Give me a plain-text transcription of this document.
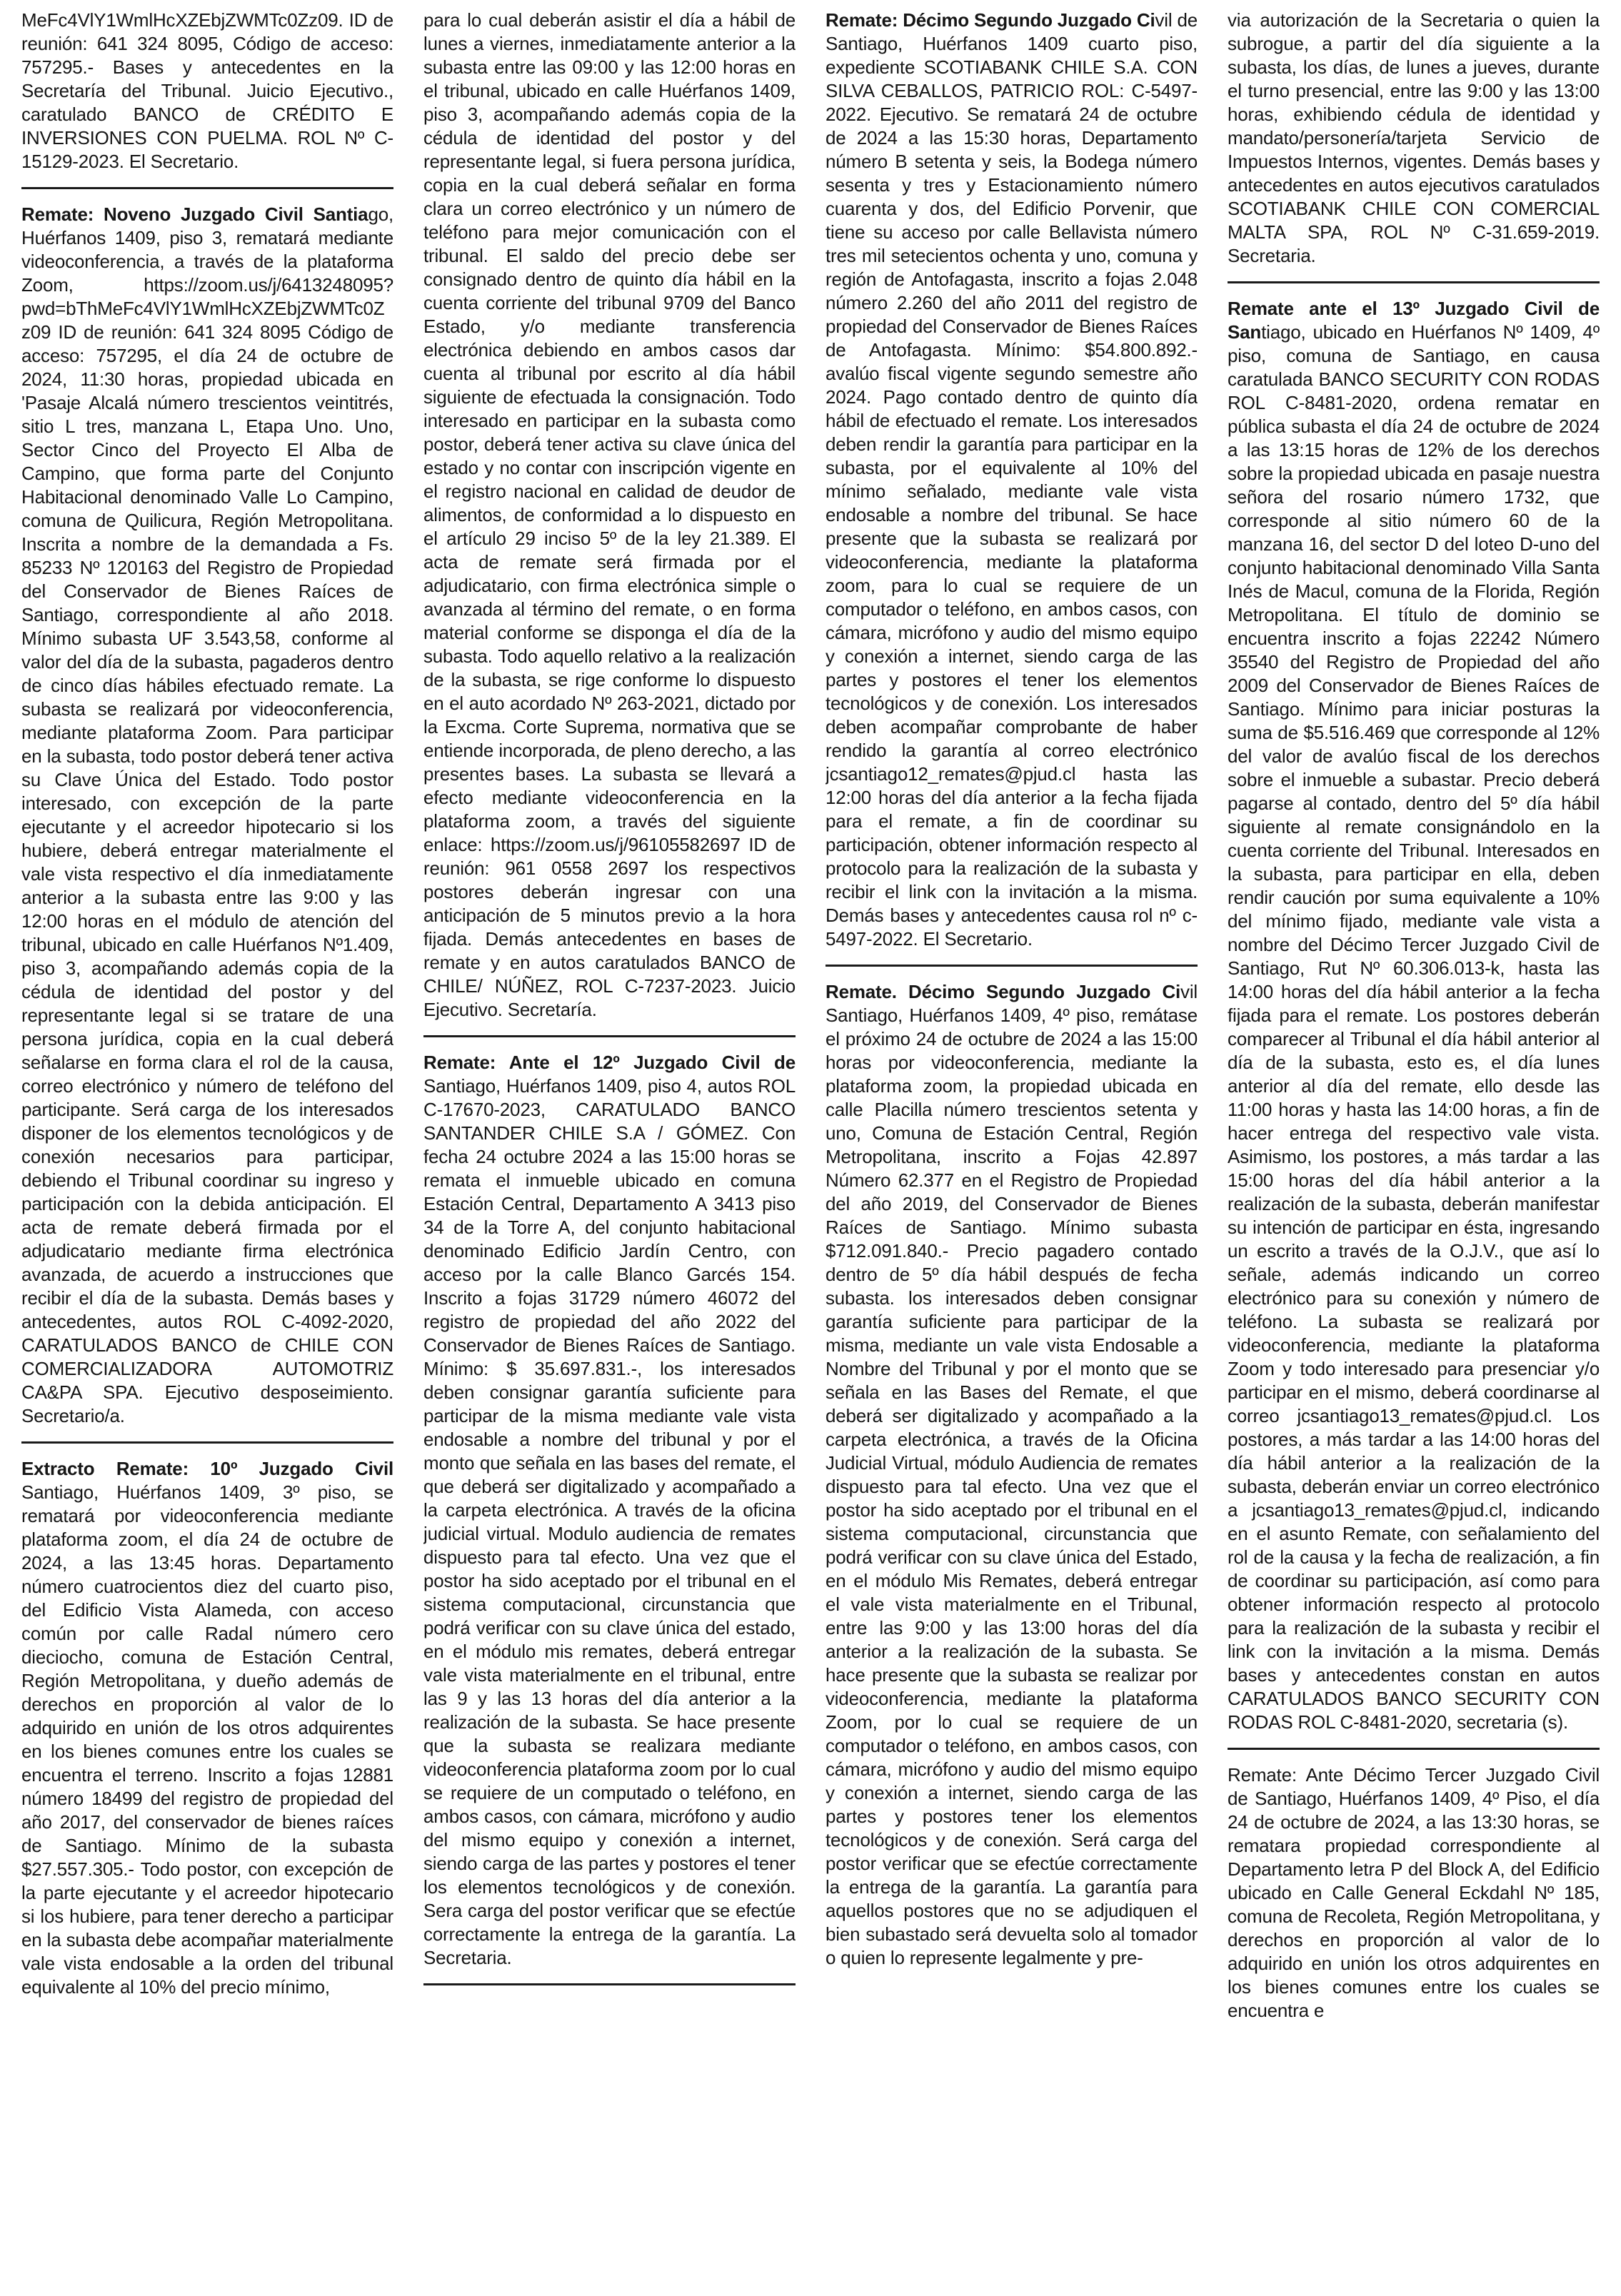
MeFc4VlY1WmlHcXZEbjZWMTc0Zz09. ID de reunión: 641 324 8095, Código de acceso: 757295.- Bases y antecedentes en la Secretaría del Tribunal. Juicio Ejecutivo., caratulado BANCO de CRÉDITO E INVERSIONES CON PUELMA. ROL Nº C-15129-2023. El Secretario.

Remate: Noveno Juzgado Civil Santiago, Huérfanos 1409, piso 3, rematará mediante videoconferencia, a través de la plataforma Zoom, https://zoom.us/j/6413248095?pwd=bThMeFc4VlY1WmlHcXZEbjZWMTc0Zz09 ID de reunión: 641 324 8095 Código de acceso: 757295, el día 24 de octubre de 2024, 11:30 horas, propiedad ubicada en 'Pasaje Alcalá número trescientos veintitrés, sitio L tres, manzana L, Etapa Uno. Uno, Sector Cinco del Proyecto El Alba de Campino, que forma parte del Conjunto Habitacional denominado Valle Lo Campino, comuna de Quilicura, Región Metropolitana. Inscrita a nombre de la demandada a Fs. 85233 Nº 120163 del Registro de Propiedad del Conservador de Bienes Raíces de Santiago, correspondiente al año 2018. Mínimo subasta UF 3.543,58, conforme al valor del día de la subasta, pagaderos dentro de cinco días hábiles efectuado remate. La subasta se realizará por videoconferencia, mediante plataforma Zoom. Para participar en la subasta, todo postor deberá tener activa su Clave Única del Estado. Todo postor interesado, con excepción de la parte ejecutante y el acreedor hipotecario si los hubiere, deberá entregar materialmente el vale vista respectivo el día inmediatamente anterior a la subasta entre las 9:00 y las 12:00 horas en el módulo de atención del tribunal, ubicado en calle Huérfanos Nº1.409, piso 3, acompañando además copia de la cédula de identidad del postor y del representante legal si se tratare de una persona jurídica, copia en la cual deberá señalarse en forma clara el rol de la causa, correo electrónico y número de teléfono del participante. Será carga de los interesados disponer de los elementos tecnológicos y de conexión necesarios para participar, debiendo el Tribunal coordinar su ingreso y participación con la debida anticipación. El acta de remate deberá firmada por el adjudicatario mediante firma electrónica avanzada, de acuerdo a instrucciones que recibir el día de la subasta. Demás bases y antecedentes, autos ROL C-4092-2020, CARATULADOS BANCO de CHILE CON COMERCIALIZADORA AUTOMOTRIZ CA&PA SPA. Ejecutivo desposeimiento. Secretario/a.

Extracto Remate: 10º Juzgado Civil Santiago, Huérfanos 1409, 3º piso, se rematará por videoconferencia mediante plataforma zoom, el día 24 de octubre de 2024, a las 13:45 horas. Departamento número cuatrocientos diez del cuarto piso, del Edificio Vista Alameda, con acceso común por calle Radal número cero dieciocho, comuna de Estación Central, Región Metropolitana, y dueño además de derechos en proporción al valor de lo adquirido en unión de los otros adquirentes en los bienes comunes entre los cuales se encuentra el terreno. Inscrito a fojas 12881 número 18499 del registro de propiedad del año 2017, del conservador de bienes raíces de Santiago. Mínimo de la subasta $27.557.305.- Todo postor, con excepción de la parte ejecutante y el acreedor hipotecario si los hubiere, para tener derecho a participar en la subasta debe acompañar materialmente vale vista endosable a la orden del tribunal equivalente al 10% del precio mínimo,

para lo cual deberán asistir el día a hábil de lunes a viernes, inmediatamente anterior a la subasta entre las 09:00 y las 12:00 horas en el tribunal, ubicado en calle Huérfanos 1409, piso 3, acompañando además copia de la cédula de identidad del postor y del representante legal, si fuera persona jurídica, copia en la cual deberá señalar en forma clara un correo electrónico y un número de teléfono para mejor comunicación con el tribunal. El saldo del precio debe ser consignado dentro de quinto día hábil en la cuenta corriente del tribunal 9709 del Banco Estado, y/o mediante transferencia electrónica debiendo en ambos casos dar cuenta al tribunal por escrito al día hábil siguiente de efectuada la consignación. Todo interesado en participar en la subasta como postor, deberá tener activa su clave única del estado y no contar con inscripción vigente en el registro nacional en calidad de deudor de alimentos, de conformidad a lo dispuesto en el artículo 29 inciso 5º de la ley 21.389. El acta de remate será firmada por el adjudicatario, con firma electrónica simple o avanzada al término del remate, o en forma material conforme se disponga el día de la subasta. Todo aquello relativo a la realización de la subasta, se rige conforme lo dispuesto en el auto acordado Nº 263-2021, dictado por la Excma. Corte Suprema, normativa que se entiende incorporada, de pleno derecho, a las presentes bases. La subasta se llevará a efecto mediante videoconferencia en la plataforma zoom, a través del siguiente enlace: https://zoom.us/j/96105582697 ID de reunión: 961 0558 2697 los respectivos postores deberán ingresar con una anticipación de 5 minutos previo a la hora fijada. Demás antecedentes en bases de remate y en autos caratulados BANCO de CHILE/ NÚÑEZ, ROL C-7237-2023. Juicio Ejecutivo. Secretaría.

Remate: Ante el 12º Juzgado Civil de Santiago, Huérfanos 1409, piso 4, autos ROL C-17670-2023, CARATULADO BANCO SANTANDER CHILE S.A / GÓMEZ. Con fecha 24 octubre 2024 a las 15:00 horas se remata el inmueble ubicado en comuna Estación Central, Departamento A 3413 piso 34 de la Torre A, del conjunto habitacional denominado Edificio Jardín Centro, con acceso por la calle Blanco Garcés 154. Inscrito a fojas 31729 número 46072 del registro de propiedad del año 2022 del Conservador de Bienes Raíces de Santiago. Mínimo: $ 35.697.831.-, los interesados deben consignar garantía suficiente para participar de la misma mediante vale vista endosable a nombre del tribunal y por el monto que señala en las bases del remate, el que deberá ser digitalizado y acompañado a la carpeta electrónica. A través de la oficina judicial virtual. Modulo audiencia de remates dispuesto para tal efecto. Una vez que el postor ha sido aceptado por el tribunal en el sistema computacional, circunstancia que podrá verificar con su clave única del estado, en el módulo mis remates, deberá entregar vale vista materialmente en el tribunal, entre las 9 y las 13 horas del día anterior a la realización de la subasta. Se hace presente que la subasta se realizara mediante videoconferencia plataforma zoom por lo cual se requiere de un computado o teléfono, en ambos casos, con cámara, micrófono y audio del mismo equipo y conexión a internet, siendo carga de las partes y postores el tener los elementos tecnológicos y de conexión. Sera carga del postor verificar que se efectúe correctamente la entrega de la garantía. La Secretaria.

Remate: Décimo Segundo Juzgado Civil de Santiago, Huérfanos 1409 cuarto piso, expediente SCOTIABANK CHILE S.A. CON SILVA CEBALLOS, PATRICIO ROL: C-5497-2022. Ejecutivo. Se rematará 24 de octubre de 2024 a las 15:30 horas, Departamento número B setenta y seis, la Bodega número sesenta y tres y Estacionamiento número cuarenta y dos, del Edificio Porvenir, que tiene su acceso por calle Bellavista número tres mil setecientos ochenta y uno, comuna y región de Antofagasta, inscrito a fojas 2.048 número 2.260 del año 2011 del registro de propiedad del Conservador de Bienes Raíces de Antofagasta. Mínimo: $54.800.892.- avalúo fiscal vigente segundo semestre año 2024. Pago contado dentro de quinto día hábil de efectuado el remate. Los interesados deben rendir la garantía para participar en la subasta, por el equivalente al 10% del mínimo señalado, mediante vale vista endosable a nombre del tribunal. Se hace presente que la subasta se realizará por videoconferencia, mediante la plataforma zoom, para lo cual se requiere de un computador o teléfono, en ambos casos, con cámara, micrófono y audio del mismo equipo y conexión a internet, siendo carga de las partes y postores el tener los elementos tecnológicos y de conexión. Los interesados deben acompañar comprobante de haber rendido la garantía al correo electrónico jcsantiago12_remates@pjud.cl hasta las 12:00 horas del día anterior a la fecha fijada para el remate, a fin de coordinar su participación, obtener información respecto al protocolo para la realización de la subasta y recibir el link con la invitación a la misma. Demás bases y antecedentes causa rol nº c-5497-2022. El Secretario.

Remate. Décimo Segundo Juzgado Civil Santiago, Huérfanos 1409, 4º piso, remátase el próximo 24 de octubre de 2024 a las 15:00 horas por videoconferencia, mediante la plataforma zoom, la propiedad ubicada en calle Placilla número trescientos setenta y uno, Comuna de Estación Central, Región Metropolitana, inscrito a Fojas 42.897 Número 62.377 en el Registro de Propiedad del año 2019, del Conservador de Bienes Raíces de Santiago. Mínimo subasta $712.091.840.- Precio pagadero contado dentro de 5º día hábil después de fecha subasta. los interesados deben consignar garantía suficiente para participar de la misma, mediante un vale vista Endosable a Nombre del Tribunal y por el monto que se señala en las Bases del Remate, el que deberá ser digitalizado y acompañado a la carpeta electrónica, a través de la Oficina Judicial Virtual, módulo Audiencia de remates dispuesto para tal efecto. Una vez que el postor ha sido aceptado por el tribunal en el sistema computacional, circunstancia que podrá verificar con su clave única del Estado, en el módulo Mis Remates, deberá entregar el vale vista materialmente en el Tribunal, entre las 9:00 y las 13:00 horas del día anterior a la realización de la subasta. Se hace presente que la subasta se realizar por videoconferencia, mediante la plataforma Zoom, por lo cual se requiere de un computador o teléfono, en ambos casos, con cámara, micrófono y audio del mismo equipo y conexión a internet, siendo carga de las partes y postores tener los elementos tecnológicos y de conexión. Será carga del postor verificar que se efectúe correctamente la entrega de la garantía. La garantía para aquellos postores que no se adjudiquen el bien subastado será devuelta solo al tomador o quien lo represente legalmente y pre-

via autorización de la Secretaria o quien la subrogue, a partir del día siguiente a la subasta, los días, de lunes a jueves, durante el turno presencial, entre las 9:00 y las 13:00 horas, exhibiendo cédula de identidad y mandato/personería/tarjeta Servicio de Impuestos Internos, vigentes. Demás bases y antecedentes en autos ejecutivos caratulados SCOTIABANK CHILE CON COMERCIAL MALTA SPA, ROL Nº C-31.659-2019. Secretaria.

Remate ante el 13º Juzgado Civil de Santiago, ubicado en Huérfanos Nº 1409, 4º piso, comuna de Santiago, en causa caratulada BANCO SECURITY CON RODAS ROL C-8481-2020, ordena rematar en pública subasta el día 24 de octubre de 2024 a las 13:15 horas de 12% de los derechos sobre la propiedad ubicada en pasaje nuestra señora del rosario número 1732, que corresponde al sitio número 60 de la manzana 16, del sector D del loteo D-uno del conjunto habitacional denominado Villa Santa Inés de Macul, comuna de la Florida, Región Metropolitana. El título de dominio se encuentra inscrito a fojas 22242 Número 35540 del Registro de Propiedad del año 2009 del Conservador de Bienes Raíces de Santiago. Mínimo para iniciar posturas la suma de $5.516.469 que corresponde al 12% del valor de avalúo fiscal de los derechos sobre el inmueble a subastar. Precio deberá pagarse al contado, dentro del 5º día hábil siguiente al remate consignándolo en la cuenta corriente del Tribunal. Interesados en la subasta, para participar en ella, deben rendir caución por suma equivalente a 10% del mínimo fijado, mediante vale vista a nombre del Décimo Tercer Juzgado Civil de Santiago, Rut Nº 60.306.013-k, hasta las 14:00 horas del día hábil anterior a la fecha fijada para el remate. Los postores deberán comparecer al Tribunal el día hábil anterior al día de la subasta, esto es, el día lunes anterior al día del remate, ello desde las 11:00 horas y hasta las 14:00 horas, a fin de hacer entrega del respectivo vale vista. Asimismo, los postores, a más tardar a las 15:00 horas del día hábil anterior a la realización de la subasta, deberán manifestar su intención de participar en ésta, ingresando un escrito a través de la O.J.V., que así lo señale, además indicando un correo electrónico para su conexión y número de teléfono. La subasta se realizará por videoconferencia, mediante la plataforma Zoom y todo interesado para presenciar y/o participar en el mismo, deberá coordinarse al correo jcsantiago13_remates@pjud.cl. Los postores, a más tardar a las 14:00 horas del día hábil anterior a la realización de la subasta, deberán enviar un correo electrónico a jcsantiago13_remates@pjud.cl, indicando en el asunto Remate, con señalamiento del rol de la causa y la fecha de realización, a fin de coordinar su participación, así como para obtener información respecto al protocolo para la realización de la subasta y recibir el link con la invitación a la misma. Demás bases y antecedentes constan en autos CARATULADOS BANCO SECURITY CON RODAS ROL C-8481-2020, secretaria (s).

Remate: Ante Décimo Tercer Juzgado Civil de Santiago, Huérfanos 1409, 4º Piso, el día 24 de octubre de 2024, a las 13:30 horas, se rematara propiedad correspondiente al Departamento letra P del Block A, del Edificio ubicado en Calle General Eckdahl Nº 185, comuna de Recoleta, Región Metropolitana, y derechos en proporción al valor de lo adquirido en unión los otros adquirentes en los bienes comunes entre los cuales se encuentra e
